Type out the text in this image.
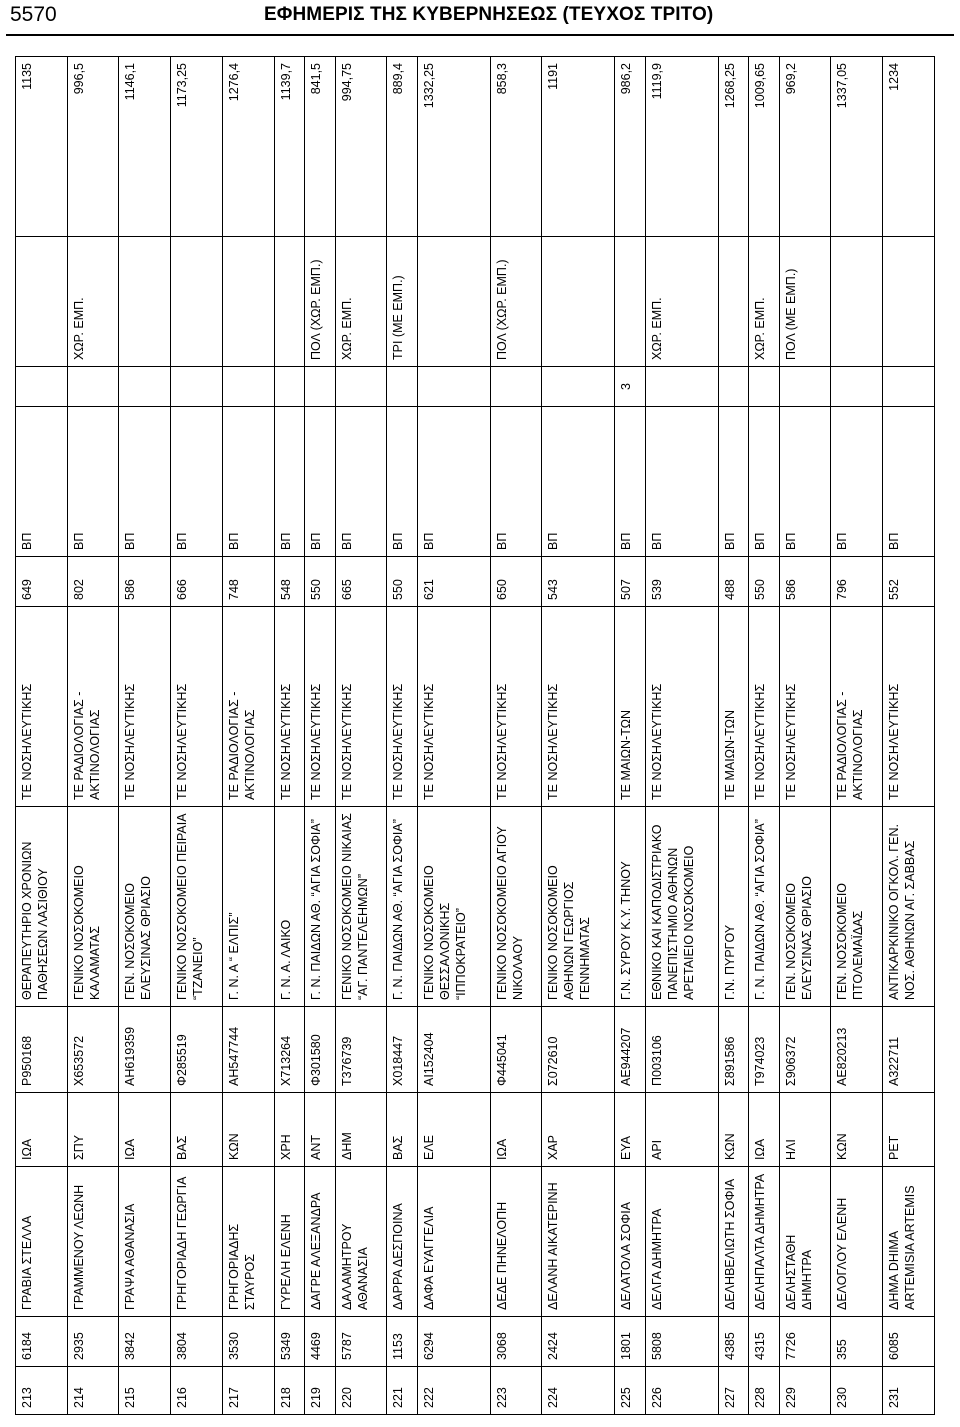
5570	ΕΦΗΜΕΡΙΣ ΤΗΣ ΚΥΒΕΡΝΗΣΕΩΣ (ΤΕΥΧΟΣ ΤΡΙΤΟ)
213	6184	ΓΡΑΒΙΑ ΣΤΕΛΛΑ	ΙΩΑ	Ρ950168	ΘΕΡΑΠΕΥΤΗΡΙΟ ΧΡΟΝΙΩΝ ΠΑΘΗΣΕΩΝ ΛΑΣΙΘΙΟΥ	ΤΕ ΝΟΣΗΛΕΥΤΙΚΗΣ	649	ΒΠ			1135
214	2935	ΓΡΑΜΜΕΝΟΥ ΛΕΩΝΗ	ΣΠΥ	Χ653572	ΓΕΝΙΚΟ ΝΟΣΟΚΟΜΕΙΟ ΚΑΛΑΜΑΤΑΣ	ΤΕ ΡΑΔΙΟΛΟΓΙΑΣ - ΑΚΤΙΝΟΛΟΓΙΑΣ	802	ΒΠ		ΧΩΡ. ΕΜΠ.	996,5
215	3842	ΓΡΑΨΑ ΑΘΑΝΑΣΙΑ	ΙΩΑ	ΑΗ619359	ΓΕΝ. ΝΟΣΟΚΟΜΕΙΟ ΕΛΕΥΣΙΝΑΣ ΘΡΙΑΣΙΟ	ΤΕ ΝΟΣΗΛΕΥΤΙΚΗΣ	586	ΒΠ			1146,1
216	3804	ΓΡΗΓΟΡΙΑΔΗ ΓΕΩΡΓΙΑ	ΒΑΣ	Φ285519	ΓΕΝΙΚΟ ΝΟΣΟΚΟΜΕΙΟ ΠΕΙΡΑΙΑ “ΤΖΑΝΕΙΟ”	ΤΕ ΝΟΣΗΛΕΥΤΙΚΗΣ	666	ΒΠ			1173,25
217	3530	ΓΡΗΓΟΡΙΑΔΗΣ ΣΤΑΥΡΟΣ	ΚΩΝ	ΑΗ547744	Γ. Ν. Α “ ΕΛΠΙΣ”	ΤΕ ΡΑΔΙΟΛΟΓΙΑΣ - ΑΚΤΙΝΟΛΟΓΙΑΣ	748	ΒΠ			1276,4
218	5349	ΓΥΡΕΛΗ ΕΛΕΝΗ	ΧΡΗ	Χ713264	Γ. Ν. Α. ΛΑΙΚΟ	ΤΕ ΝΟΣΗΛΕΥΤΙΚΗΣ	548	ΒΠ			1139,7
219	4469	ΔΑΓΡΕ ΑΛΕΞΑΝΔΡΑ	ΑΝΤ	Φ301580	Γ. Ν. ΠΑΙΔΩΝ ΑΘ. “ΑΓΙΑ ΣΟΦΙΑ”	ΤΕ ΝΟΣΗΛΕΥΤΙΚΗΣ	550	ΒΠ		ΠΟΛ (ΧΩΡ. ΕΜΠ.)	841,5
220	5787	ΔΑΛΑΜΗΤΡΟΥ ΑΘΑΝΑΣΙΑ	ΔΗΜ	Τ376739	ΓΕΝΙΚΟ ΝΟΣΟΚΟΜΕΙΟ ΝΙΚΑΙΑΣ “ΑΓ. ΠΑΝΤΕΛΕΗΜΩΝ”	ΤΕ ΝΟΣΗΛΕΥΤΙΚΗΣ	665	ΒΠ		ΧΩΡ. ΕΜΠ.	994,75
221	1153	ΔΑΡΡΑ ΔΕΣΠΟΙΝΑ	ΒΑΣ	Χ018447	Γ. Ν. ΠΑΙΔΩΝ ΑΘ. “ΑΓΙΑ ΣΟΦΙΑ”	ΤΕ ΝΟΣΗΛΕΥΤΙΚΗΣ	550	ΒΠ		ΤΡΙ (ΜΕ ΕΜΠ.)	889,4
222	6294	ΔΑΦΑ ΕΥΑΓΓΕΛΙΑ	ΕΛΕ	ΑΙ152404	ΓΕΝΙΚΟ ΝΟΣΟΚΟΜΕΙΟ ΘΕΣΣΑΛΟΝΙΚΗΣ “ΙΠΠΟΚΡΑΤΕΙΟ”	ΤΕ ΝΟΣΗΛΕΥΤΙΚΗΣ	621	ΒΠ			1332,25
223	3068	ΔΕΔΕ ΠΗΝΕΛΟΠΗ	ΙΩΑ	Φ445041	ΓΕΝΙΚΟ ΝΟΣΟΚΟΜΕΙΟ ΑΓΙΟΥ ΝΙΚΟΛΑΟΥ	ΤΕ ΝΟΣΗΛΕΥΤΙΚΗΣ	650	ΒΠ		ΠΟΛ (ΧΩΡ. ΕΜΠ.)	858,3
224	2424	ΔΕΛΑΝΗ ΑΙΚΑΤΕΡΙΝΗ	ΧΑΡ	Σ072610	ΓΕΝΙΚΟ ΝΟΣΟΚΟΜΕΙΟ ΑΘΗΝΩΝ ΓΕΩΡΓΙΟΣ ΓΕΝΝΗΜΑΤΑΣ	ΤΕ ΝΟΣΗΛΕΥΤΙΚΗΣ	543	ΒΠ			1191
225	1801	ΔΕΛΑΤΟΛΑ ΣΟΦΙΑ	ΕΥΑ	ΑΕ944207	Γ.Ν. ΣΥΡΟΥ Κ.Υ. ΤΗΝΟΥ	ΤΕ ΜΑΙΩΝ-ΤΩΝ	507	ΒΠ	3		986,2
226	5808	ΔΕΛΓΑ ΔΗΜΗΤΡΑ	ΑΡΙ	Π003106	ΕΘΝΙΚΟ ΚΑΙ ΚΑΠΟΔΙΣΤΡΙΑΚΟ ΠΑΝΕΠΙΣΤΗΜΙΟ ΑΘΗΝΩΝ ΑΡΕΤΑΙΕΙΟ ΝΟΣΟΚΟΜΕΙΟ	ΤΕ ΝΟΣΗΛΕΥΤΙΚΗΣ	539	ΒΠ		ΧΩΡ. ΕΜΠ.	1119,9
227	4385	ΔΕΛΗΒΕΛΙΩΤΗ ΣΟΦΙΑ	ΚΩΝ	Σ891586	Γ.Ν. ΠΥΡΓΟΥ	ΤΕ ΜΑΙΩΝ-ΤΩΝ	488	ΒΠ			1268,25
228	4315	ΔΕΛΗΠΑΛΤΑ ΔΗΜΗΤΡΑ	ΙΩΑ	Τ974023	Γ. Ν. ΠΑΙΔΩΝ ΑΘ. “ΑΓΙΑ ΣΟΦΙΑ”	ΤΕ ΝΟΣΗΛΕΥΤΙΚΗΣ	550	ΒΠ		ΧΩΡ. ΕΜΠ.	1009,65
229	7726	ΔΕΛΗΣΤΑΘΗ ΔΗΜΗΤΡΑ	ΗΛΙ	Σ906372	ΓΕΝ. ΝΟΣΟΚΟΜΕΙΟ ΕΛΕΥΣΙΝΑΣ ΘΡΙΑΣΙΟ	ΤΕ ΝΟΣΗΛΕΥΤΙΚΗΣ	586	ΒΠ		ΠΟΛ (ΜΕ ΕΜΠ.)	969,2
230	355	ΔΕΛΟΓΛΟΥ ΕΛΕΝΗ	ΚΩΝ	ΑΕ820213	ΓΕΝ. ΝΟΣΟΚΟΜΕΙΟ ΠΤΟΛΕΜΑΪΔΑΣ	ΤΕ ΡΑΔΙΟΛΟΓΙΑΣ - ΑΚΤΙΝΟΛΟΓΙΑΣ	796	ΒΠ			1337,05
231	6085	ΔΗΜΑ DHIMA ARTEMISIA ARTEMIS	ΡΕΤ	Α322711	ΑΝΤΙΚΑΡΚΙΝΙΚΟ ΟΓΚΟΛ. ΓΕΝ. ΝΟΣ. ΑΘΗΝΩΝ ΑΓ. ΣΑΒΒΑΣ	ΤΕ ΝΟΣΗΛΕΥΤΙΚΗΣ	552	ΒΠ			1234
